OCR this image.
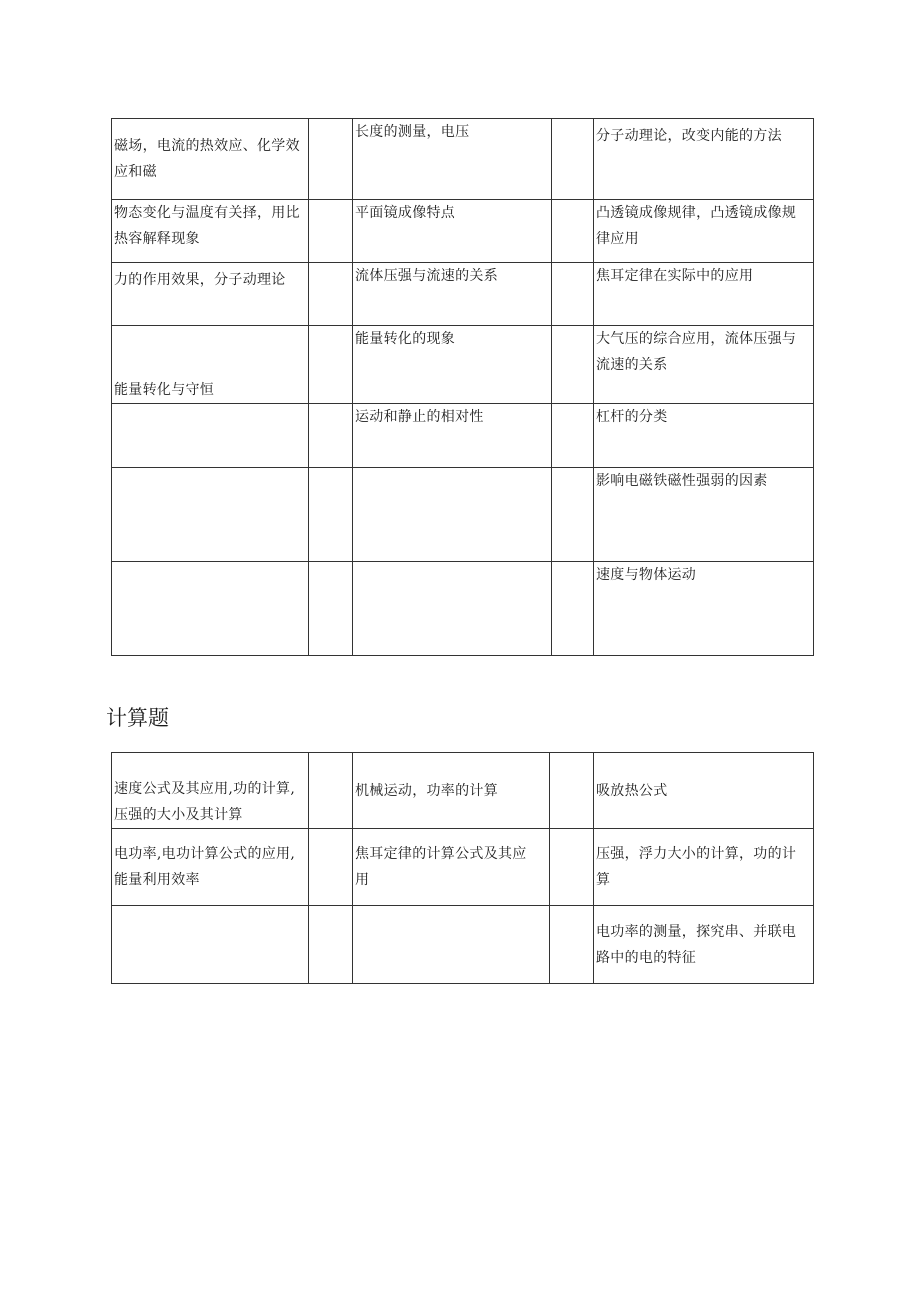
磁场，电流的热效应、化学效
应和磁		长度的测量，电压		分子动理论，改变内能的方法
物态变化与温度有关择，用比
热容解释现象		平面镜成像特点		凸透镜成像规律，凸透镜成像规
律应用
力的作用效果，分子动理论		流体压强与流速的关系		焦耳定律在实际中的应用
能量转化与守恒		能量转化的现象		大气压的综合应用，流体压强与
流速的关系
		运动和静止的相对性		杠杆的分类
				影响电磁铁磁性强弱的因素
				速度与物体运动
计算题
速度公式及其应用,功的计算,
压强的大小及其计算		机械运动，功率的计算		吸放热公式
电功率,电功计算公式的应用,
能量利用效率		焦耳定律的计算公式及其应
用		压强，浮力大小的计算，功的计
算
				电功率的测量，探究串、并联电
路中的电的特征
